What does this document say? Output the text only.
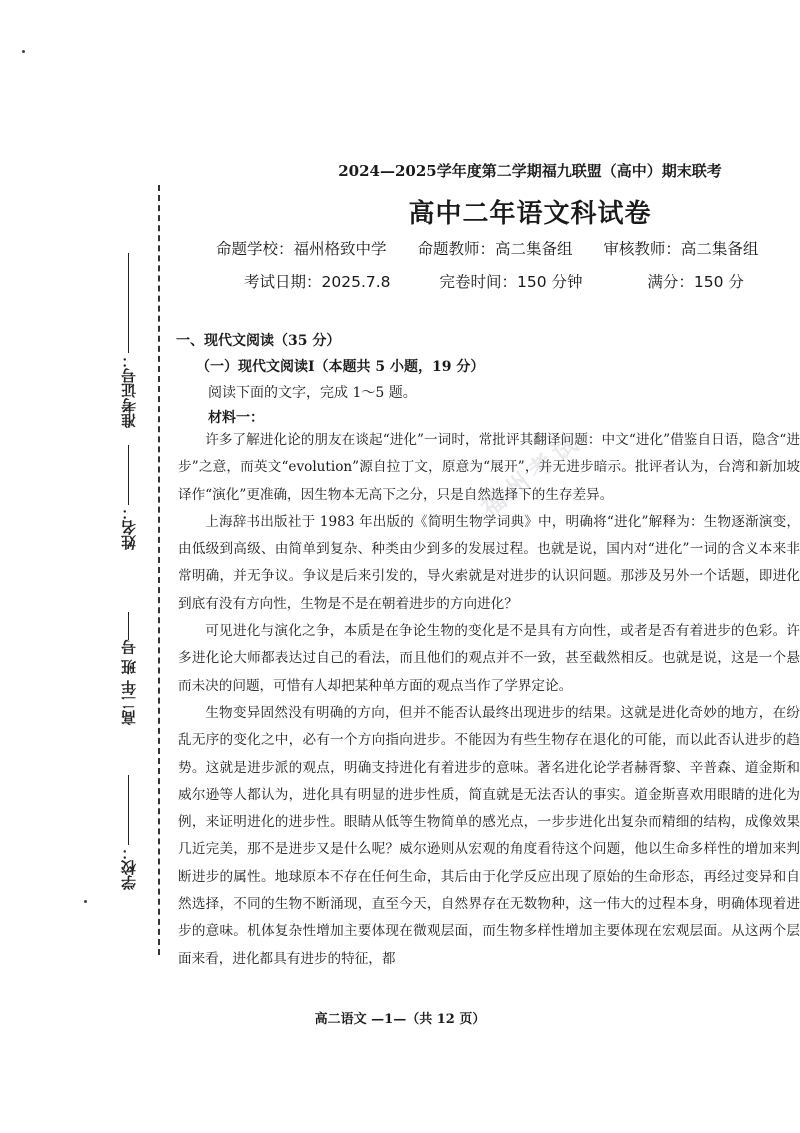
准考证号：
姓名：
高二年 班 号
学校：
2024—2025学年度第二学期福九联盟（高中）期末联考
高中二年语文科试卷
命题学校：福州格致中学 命题教师：高二集备组 审核教师：高二集备组
考试日期：2025.7.8	完卷时间：150 分钟	满分：150 分
一、现代文阅读（35 分）
（一）现代文阅读Ⅰ（本题共 5 小题，19 分）
阅读下面的文字，完成 1～5 题。
材料一：

许多了解进化论的朋友在谈起“进化”一词时，常批评其翻译问题：中文“进化”借鉴自日语，隐含“进步”之意，而英文“evolution”源自拉丁文，原意为“展开”，并无进步暗示。批评者认为，台湾和新加坡译作“演化”更准确，因生物本无高下之分，只是自然选择下的生存差异。

上海辞书出版社于 1983 年出版的《简明生物学词典》中，明确将“进化”解释为：生物逐渐演变，由低级到高级、由简单到复杂、种类由少到多的发展过程。也就是说，国内对“进化”一词的含义本来非常明确，并无争议。争议是后来引发的，导火索就是对进步的认识问题。那涉及另外一个话题，即进化到底有没有方向性，生物是不是在朝着进步的方向进化？

可见进化与演化之争，本质是在争论生物的变化是不是具有方向性，或者是否有着进步的色彩。许多进化论大师都表达过自己的看法，而且他们的观点并不一致，甚至截然相反。也就是说，这是一个悬而未决的问题，可惜有人却把某种单方面的观点当作了学界定论。

生物变异固然没有明确的方向，但并不能否认最终出现进步的结果。这就是进化奇妙的地方，在纷乱无序的变化之中，必有一个方向指向进步。不能因为有些生物存在退化的可能，而以此否认进步的趋势。这就是进步派的观点，明确支持进化有着进步的意味。著名进化论学者赫胥黎、辛普森、道金斯和威尔逊等人都认为，进化具有明显的进步性质，简直就是无法否认的事实。道金斯喜欢用眼睛的进化为例，来证明进化的进步性。眼睛从低等生物简单的感光点，一步步进化出复杂而精细的结构，成像效果几近完美，那不是进步又是什么呢？威尔逊则从宏观的角度看待这个问题，他以生命多样性的增加来判断进步的属性。地球原本不存在任何生命，其后由于化学反应出现了原始的生命形态，再经过变异和自然选择，不同的生物不断涌现，直至今天，自然界存在无数物种，这一伟大的过程本身，明确体现着进步的意味。机体复杂性增加主要体现在微观层面，而生物多样性增加主要体现在宏观层面。从这两个层面来看，进化都具有进步的特征，都

福州考试
高二语文 —1—（共 12 页）
